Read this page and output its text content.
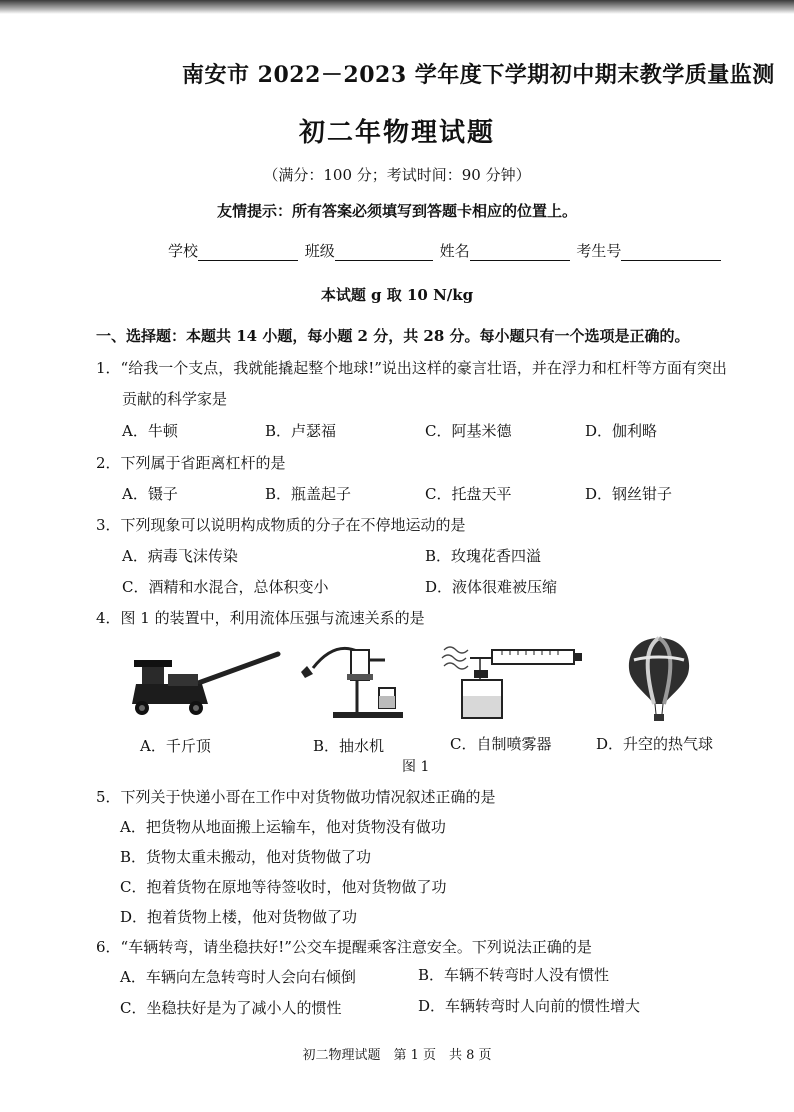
南安市 2022－2023 学年度下学期初中期末教学质量监测
初二年物理试题
（满分：100 分；考试时间：90 分钟）
友情提示：所有答案必须填写到答题卡相应的位置上。
学校	班级	姓名	考生号
本试题 g 取 10 N/kg
一、选择题：本题共 14 小题，每小题 2 分，共 28 分。每小题只有一个选项是正确的。
1．“给我一个支点，我就能撬起整个地球!”说出这样的豪言壮语，并在浮力和杠杆等方面有突出
贡献的科学家是
A．牛顿	B．卢瑟福	C．阿基米德	D．伽利略
2．下列属于省距离杠杆的是
A．镊子	B．瓶盖起子	C．托盘天平	D．钢丝钳子
3．下列现象可以说明构成物质的分子在不停地运动的是
A．病毒飞沫传染	B．玫瑰花香四溢
C．酒精和水混合，总体积变小	D．液体很难被压缩
4．图 1 的装置中，利用流体压强与流速关系的是
A．千斤顶	B．抽水机	C．自制喷雾器	D．升空的热气球
图 1
5．下列关于快递小哥在工作中对货物做功情况叙述正确的是
A．把货物从地面搬上运输车，他对货物没有做功
B．货物太重未搬动，他对货物做了功
C．抱着货物在原地等待签收时，他对货物做了功
D．抱着货物上楼，他对货物做了功
6．“车辆转弯，请坐稳扶好!”公交车提醒乘客注意安全。下列说法正确的是
A．车辆向左急转弯时人会向右倾倒	B．车辆不转弯时人没有惯性
C．坐稳扶好是为了减小人的惯性	D．车辆转弯时人向前的惯性增大
初二物理试题　第 1 页　共 8 页
